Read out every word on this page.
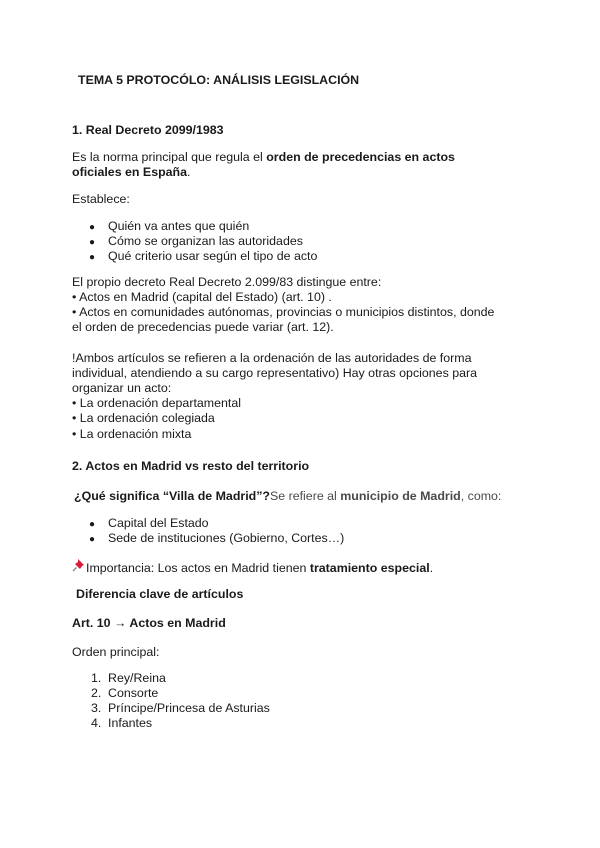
TEMA 5 PROTOCÓLO: ANÁLISIS LEGISLACIÓN
1. Real Decreto 2099/1983
Es la norma principal que regula el orden de precedencias en actos
oficiales en España.
Establece:
● Quién va antes que quién
● Cómo se organizan las autoridades
● Qué criterio usar según el tipo de acto
El propio decreto Real Decreto 2.099/83 distingue entre:
• Actos en Madrid (capital del Estado) (art. 10) .
• Actos en comunidades autónomas, provincias o municipios distintos, donde
el orden de precedencias puede variar (art. 12).
!Ambos artículos se refieren a la ordenación de las autoridades de forma
individual, atendiendo a su cargo representativo) Hay otras opciones para
organizar un acto:
• La ordenación departamental
• La ordenación colegiada
• La ordenación mixta
2. Actos en Madrid vs resto del territorio
¿Qué significa “Villa de Madrid”?Se refiere al municipio de Madrid, como:
● Capital del Estado
● Sede de instituciones (Gobierno, Cortes…)
Importancia: Los actos en Madrid tienen tratamiento especial.
Diferencia clave de artículos
Art. 10 → Actos en Madrid
Orden principal:
1. Rey/Reina
2. Consorte
3. Príncipe/Princesa de Asturias
4. Infantes
